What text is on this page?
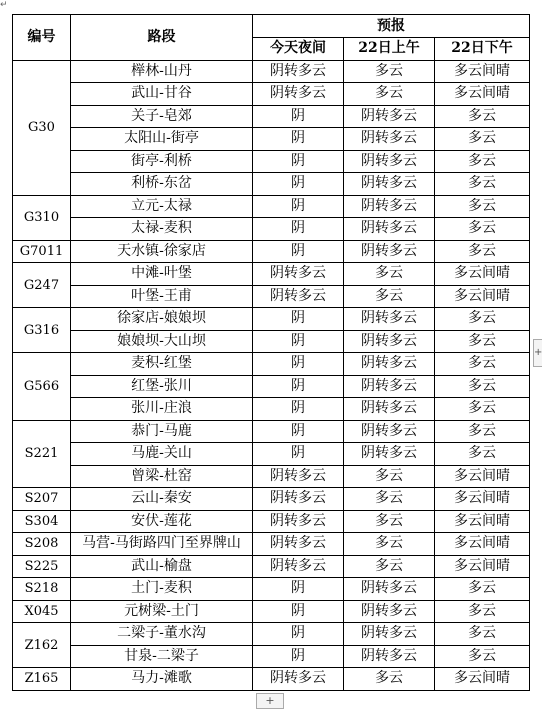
↵
编号	路段	预报		
		今天夜间	22日上午	22日下午
G30	榉林-山丹	阴转多云	多云	多云间晴
	武山-甘谷	阴转多云	多云	多云间晴
	关子-皂郊	阴	阴转多云	多云
	太阳山-街亭	阴	阴转多云	多云
	街亭-利桥	阴	阴转多云	多云
	利桥-东岔	阴	阴转多云	多云
G310	立元-太禄	阴	阴转多云	多云
	太禄-麦积	阴	阴转多云	多云
G7011	天水镇-徐家店	阴	阴转多云	多云
G247	中滩-叶堡	阴转多云	多云	多云间晴
	叶堡-王甫	阴转多云	多云	多云间晴
G316	徐家店-娘娘坝	阴	阴转多云	多云
	娘娘坝-大山坝	阴	阴转多云	多云
G566	麦积-红堡	阴	阴转多云	多云
	红堡-张川	阴	阴转多云	多云
	张川-庄浪	阴	阴转多云	多云
S221	恭门-马鹿	阴	阴转多云	多云
	马鹿-关山	阴	阴转多云	多云
	曾梁-杜窑	阴转多云	多云	多云间晴
S207	云山-秦安	阴转多云	多云	多云间晴
S304	安伏-莲花	阴转多云	多云	多云间晴
S208	马营-马街路四门至界牌山	阴转多云	多云	多云间晴
S225	武山-榆盘	阴转多云	多云	多云间晴
S218	土门-麦积	阴	阴转多云	多云
X045	元树梁-土门	阴	阴转多云	多云
Z162	二梁子-董水沟	阴	阴转多云	多云
	甘泉-二梁子	阴	阴转多云	多云
Z165	马力-滩歌	阴转多云	多云	多云间晴
+
+
